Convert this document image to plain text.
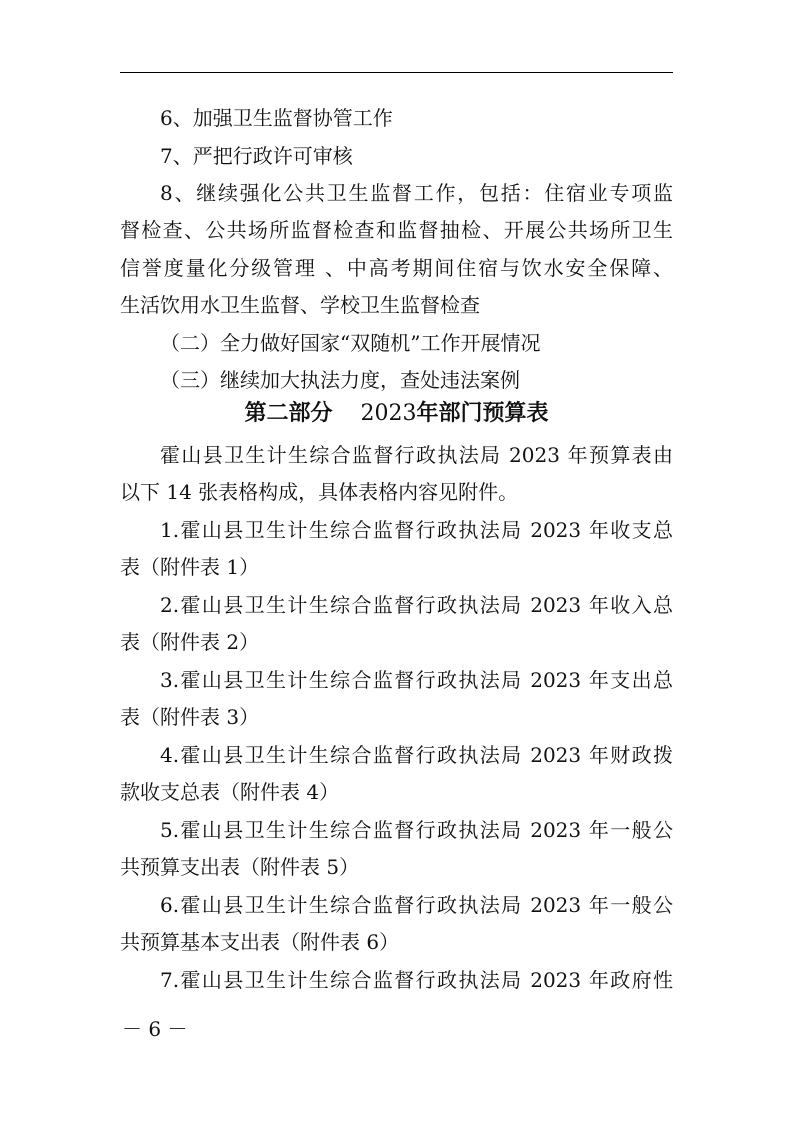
6、加强卫生监督协管工作
7、严把行政许可审核
8、继续强化公共卫生监督工作，包括：住宿业专项监
督检查、公共场所监督检查和监督抽检、开展公共场所卫生
信誉度量化分级管理 、中高考期间住宿与饮水安全保障、
生活饮用水卫生监督、学校卫生监督检查
（二）全力做好国家“双随机”工作开展情况
（三）继续加大执法力度，查处违法案例
第二部分 2023年部门预算表
霍山县卫生计生综合监督行政执法局 2023 年预算表由
以下 14 张表格构成，具体表格内容见附件。
1.霍山县卫生计生综合监督行政执法局 2023 年收支总
表（附件表 1）
2.霍山县卫生计生综合监督行政执法局 2023 年收入总
表（附件表 2）
3.霍山县卫生计生综合监督行政执法局 2023 年支出总
表（附件表 3）
4.霍山县卫生计生综合监督行政执法局 2023 年财政拨
款收支总表（附件表 4）
5.霍山县卫生计生综合监督行政执法局 2023 年一般公
共预算支出表（附件表 5）
6.霍山县卫生计生综合监督行政执法局 2023 年一般公
共预算基本支出表（附件表 6）
7.霍山县卫生计生综合监督行政执法局 2023 年政府性
－ 6 －
